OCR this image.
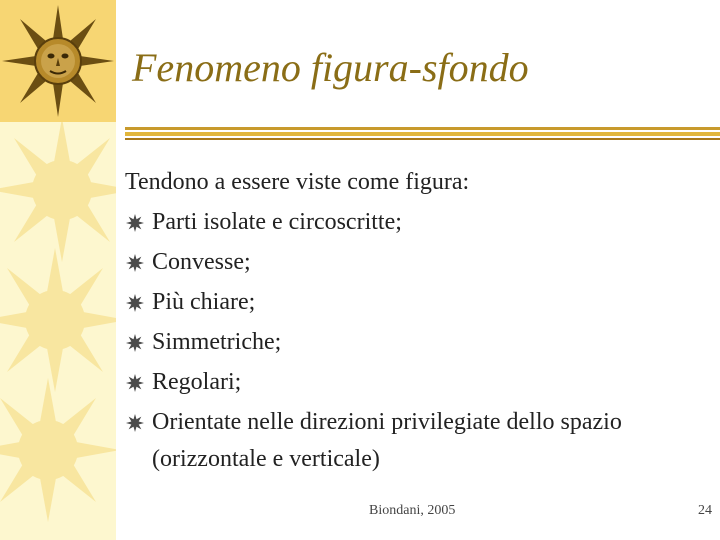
Fenomeno figura-sfondo
Tendono a essere viste come figura:
Parti isolate e circoscritte;
Convesse;
Più chiare;
Simmetriche;
Regolari;
Orientate nelle direzioni privilegiate dello spazio
(orizzontale e verticale)
Biondani, 2005	24
